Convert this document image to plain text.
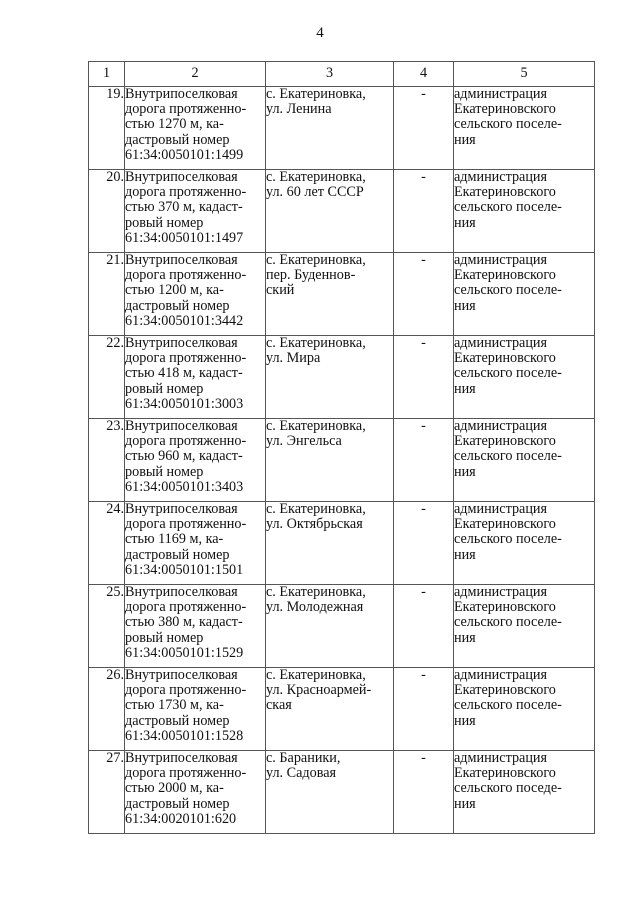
4
1	2	3	4	5
19.	Внутрипоселковая
дорога протяженно-
стью 1270 м, ка-
дастровый номер
61:34:0050101:1499	с. Екатериновка,
ул. Ленина	-	администрация
Екатериновского
сельского поселе-
ния

20.	Внутрипоселковая
дорога протяженно-
стью 370 м, кадаст-
ровый номер
61:34:0050101:1497	с. Екатериновка,
ул. 60 лет СССР	-	администрация
Екатериновского
сельского поселе-
ния

21.	Внутрипоселковая
дорога протяженно-
стью 1200 м, ка-
дастровый номер
61:34:0050101:3442	с. Екатериновка,
пер. Буденнов-
ский	-	администрация
Екатериновского
сельского поселе-
ния

22.	Внутрипоселковая
дорога протяженно-
стью 418 м, кадаст-
ровый номер
61:34:0050101:3003	с. Екатериновка,
ул. Мира	-	администрация
Екатериновского
сельского поселе-
ния

23.	Внутрипоселковая
дорога протяженно-
стью 960 м, кадаст-
ровый номер
61:34:0050101:3403	с. Екатериновка,
ул. Энгельса	-	администрация
Екатериновского
сельского поселе-
ния

24.	Внутрипоселковая
дорога протяженно-
стью 1169 м, ка-
дастровый номер
61:34:0050101:1501	с. Екатериновка,
ул. Октябрьская	-	администрация
Екатериновского
сельского поселе-
ния

25.	Внутрипоселковая
дорога протяженно-
стью 380 м, кадаст-
ровый номер
61:34:0050101:1529	с. Екатериновка,
ул. Молодежная	-	администрация
Екатериновского
сельского поселе-
ния

26.	Внутрипоселковая
дорога протяженно-
стью 1730 м, ка-
дастровый номер
61:34:0050101:1528	с. Екатериновка,
ул. Красноармей-
ская	-	администрация
Екатериновского
сельского поселе-
ния

27.	Внутрипоселковая
дорога протяженно-
стью 2000 м, ка-
дастровый номер
61:34:0020101:620	с. Бараники,
ул. Садовая	-	администрация
Екатериновского
сельского поседе-
ния
